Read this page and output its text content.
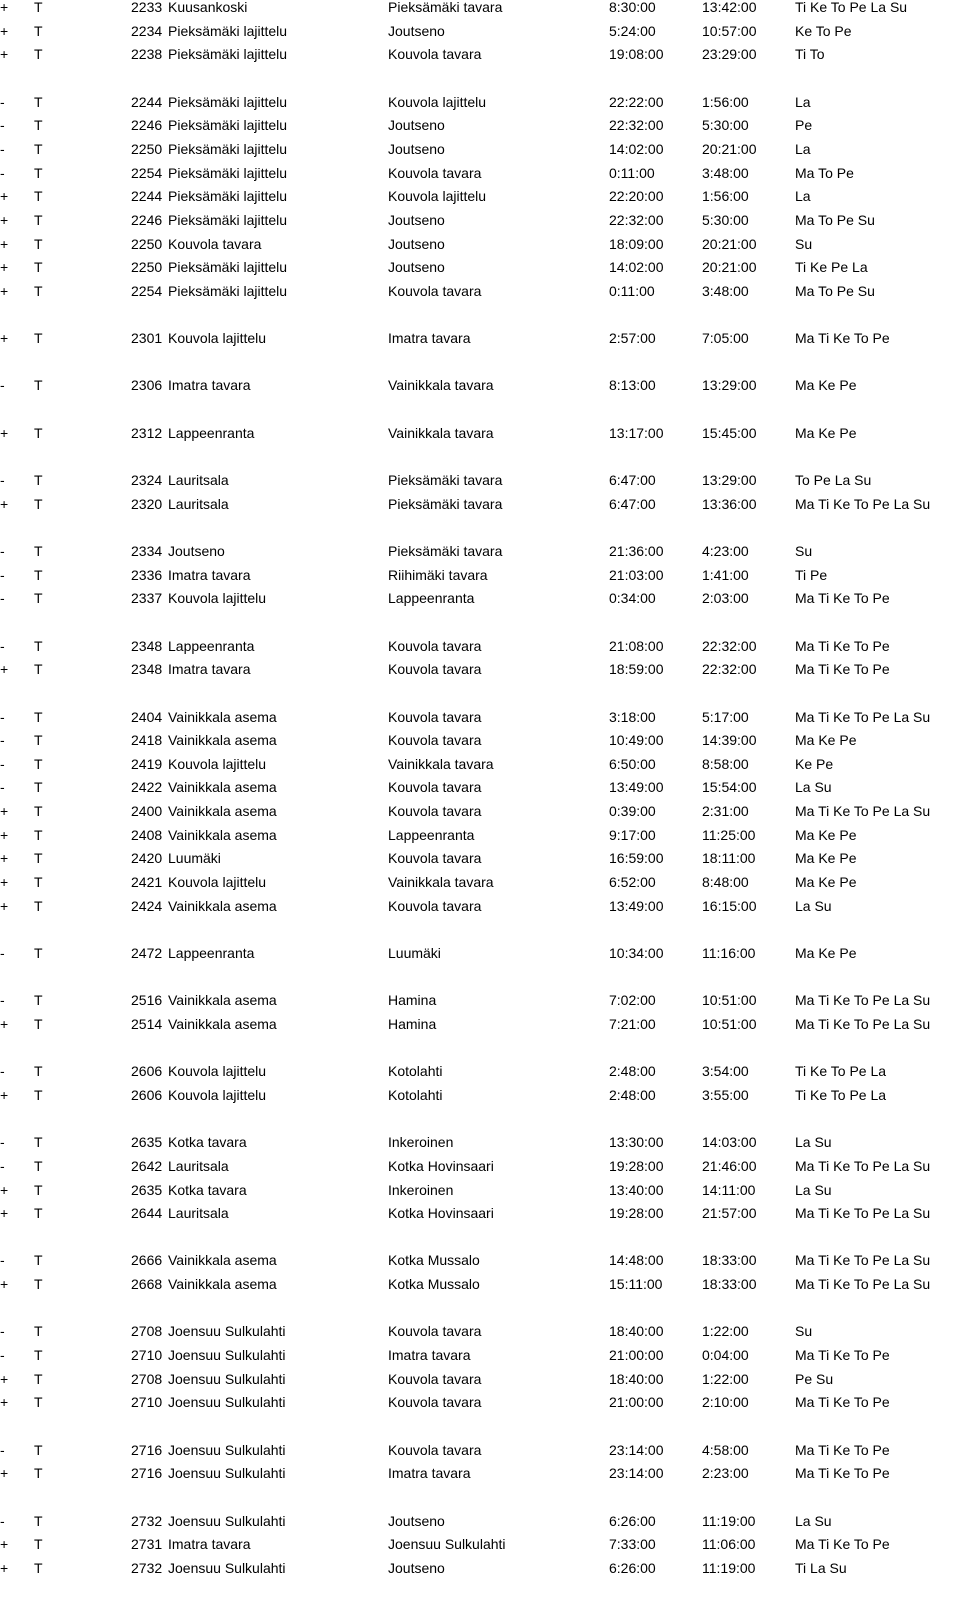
+ T	2233 Kuusankoski	Pieksämäki tavara	8:30:00	13:42:00	Ti Ke To Pe La Su
+ T	2234 Pieksämäki lajittelu	Joutseno	5:24:00	10:57:00	Ke To Pe
+ T	2238 Pieksämäki lajittelu	Kouvola tavara	19:08:00	23:29:00	Ti To
- T	2244 Pieksämäki lajittelu	Kouvola lajittelu	22:22:00	1:56:00	La
- T	2246 Pieksämäki lajittelu	Joutseno	22:32:00	5:30:00	Pe
- T	2250 Pieksämäki lajittelu	Joutseno	14:02:00	20:21:00	La
- T	2254 Pieksämäki lajittelu	Kouvola tavara	0:11:00	3:48:00	Ma To Pe
+ T	2244 Pieksämäki lajittelu	Kouvola lajittelu	22:20:00	1:56:00	La
+ T	2246 Pieksämäki lajittelu	Joutseno	22:32:00	5:30:00	Ma To Pe Su
+ T	2250 Kouvola tavara	Joutseno	18:09:00	20:21:00	Su
+ T	2250 Pieksämäki lajittelu	Joutseno	14:02:00	20:21:00	Ti Ke Pe La
+ T	2254 Pieksämäki lajittelu	Kouvola tavara	0:11:00	3:48:00	Ma To Pe Su
+ T	2301 Kouvola lajittelu	Imatra tavara	2:57:00	7:05:00	Ma Ti Ke To Pe
- T	2306 Imatra tavara	Vainikkala tavara	8:13:00	13:29:00	Ma Ke Pe
+ T	2312 Lappeenranta	Vainikkala tavara	13:17:00	15:45:00	Ma Ke Pe
- T	2324 Lauritsala	Pieksämäki tavara	6:47:00	13:29:00	To Pe La Su
+ T	2320 Lauritsala	Pieksämäki tavara	6:47:00	13:36:00	Ma Ti Ke To Pe La Su
- T	2334 Joutseno	Pieksämäki tavara	21:36:00	4:23:00	Su
- T	2336 Imatra tavara	Riihimäki tavara	21:03:00	1:41:00	Ti Pe
- T	2337 Kouvola lajittelu	Lappeenranta	0:34:00	2:03:00	Ma Ti Ke To Pe
- T	2348 Lappeenranta	Kouvola tavara	21:08:00	22:32:00	Ma Ti Ke To Pe
+ T	2348 Imatra tavara	Kouvola tavara	18:59:00	22:32:00	Ma Ti Ke To Pe
- T	2404 Vainikkala asema	Kouvola tavara	3:18:00	5:17:00	Ma Ti Ke To Pe La Su
- T	2418 Vainikkala asema	Kouvola tavara	10:49:00	14:39:00	Ma Ke Pe
- T	2419 Kouvola lajittelu	Vainikkala tavara	6:50:00	8:58:00	Ke Pe
- T	2422 Vainikkala asema	Kouvola tavara	13:49:00	15:54:00	La Su
+ T	2400 Vainikkala asema	Kouvola tavara	0:39:00	2:31:00	Ma Ti Ke To Pe La Su
+ T	2408 Vainikkala asema	Lappeenranta	9:17:00	11:25:00	Ma Ke Pe
+ T	2420 Luumäki	Kouvola tavara	16:59:00	18:11:00	Ma Ke Pe
+ T	2421 Kouvola lajittelu	Vainikkala tavara	6:52:00	8:48:00	Ma Ke Pe
+ T	2424 Vainikkala asema	Kouvola tavara	13:49:00	16:15:00	La Su
- T	2472 Lappeenranta	Luumäki	10:34:00	11:16:00	Ma Ke Pe
- T	2516 Vainikkala asema	Hamina	7:02:00	10:51:00	Ma Ti Ke To Pe La Su
+ T	2514 Vainikkala asema	Hamina	7:21:00	10:51:00	Ma Ti Ke To Pe La Su
- T	2606 Kouvola lajittelu	Kotolahti	2:48:00	3:54:00	Ti Ke To Pe La
+ T	2606 Kouvola lajittelu	Kotolahti	2:48:00	3:55:00	Ti Ke To Pe La
- T	2635 Kotka tavara	Inkeroinen	13:30:00	14:03:00	La Su
- T	2642 Lauritsala	Kotka Hovinsaari	19:28:00	21:46:00	Ma Ti Ke To Pe La Su
+ T	2635 Kotka tavara	Inkeroinen	13:40:00	14:11:00	La Su
+ T	2644 Lauritsala	Kotka Hovinsaari	19:28:00	21:57:00	Ma Ti Ke To Pe La Su
- T	2666 Vainikkala asema	Kotka Mussalo	14:48:00	18:33:00	Ma Ti Ke To Pe La Su
+ T	2668 Vainikkala asema	Kotka Mussalo	15:11:00	18:33:00	Ma Ti Ke To Pe La Su
- T	2708 Joensuu Sulkulahti	Kouvola tavara	18:40:00	1:22:00	Su
- T	2710 Joensuu Sulkulahti	Imatra tavara	21:00:00	0:04:00	Ma Ti Ke To Pe
+ T	2708 Joensuu Sulkulahti	Kouvola tavara	18:40:00	1:22:00	Pe Su
+ T	2710 Joensuu Sulkulahti	Kouvola tavara	21:00:00	2:10:00	Ma Ti Ke To Pe
- T	2716 Joensuu Sulkulahti	Kouvola tavara	23:14:00	4:58:00	Ma Ti Ke To Pe
+ T	2716 Joensuu Sulkulahti	Imatra tavara	23:14:00	2:23:00	Ma Ti Ke To Pe
- T	2732 Joensuu Sulkulahti	Joutseno	6:26:00	11:19:00	La Su
+ T	2731 Imatra tavara	Joensuu Sulkulahti	7:33:00	11:06:00	Ma Ti Ke To Pe
+ T	2732 Joensuu Sulkulahti	Joutseno	6:26:00	11:19:00	Ti La Su
